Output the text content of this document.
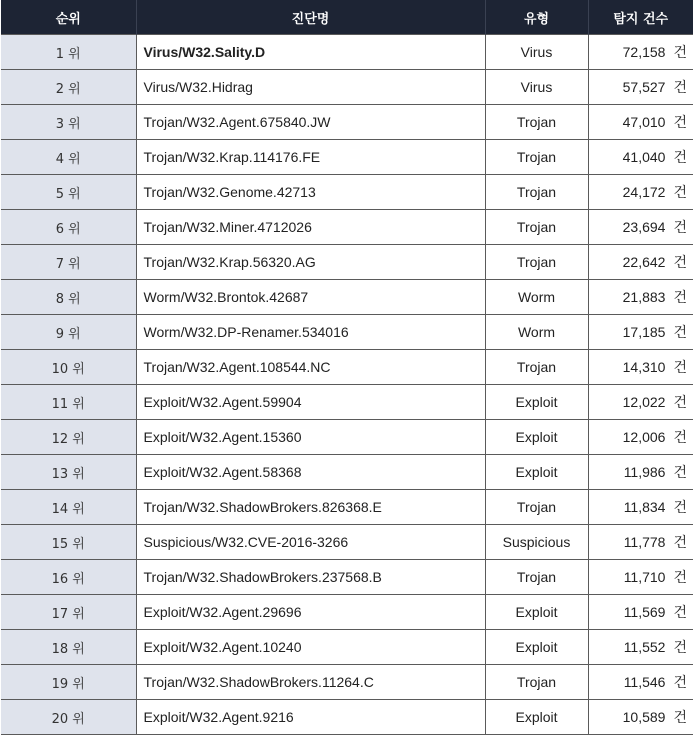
순위	진단명	유형	탐지 건수
1 위	Virus/W32.Sality.D	Virus	72,158 건
2 위	Virus/W32.Hidrag	Virus	57,527 건
3 위	Trojan/W32.Agent.675840.JW	Trojan	47,010 건
4 위	Trojan/W32.Krap.114176.FE	Trojan	41,040 건
5 위	Trojan/W32.Genome.42713	Trojan	24,172 건
6 위	Trojan/W32.Miner.4712026	Trojan	23,694 건
7 위	Trojan/W32.Krap.56320.AG	Trojan	22,642 건
8 위	Worm/W32.Brontok.42687	Worm	21,883 건
9 위	Worm/W32.DP-Renamer.534016	Worm	17,185 건
10 위	Trojan/W32.Agent.108544.NC	Trojan	14,310 건
11 위	Exploit/W32.Agent.59904	Exploit	12,022 건
12 위	Exploit/W32.Agent.15360	Exploit	12,006 건
13 위	Exploit/W32.Agent.58368	Exploit	11,986 건
14 위	Trojan/W32.ShadowBrokers.826368.E	Trojan	11,834 건
15 위	Suspicious/W32.CVE-2016-3266	Suspicious	11,778 건
16 위	Trojan/W32.ShadowBrokers.237568.B	Trojan	11,710 건
17 위	Exploit/W32.Agent.29696	Exploit	11,569 건
18 위	Exploit/W32.Agent.10240	Exploit	11,552 건
19 위	Trojan/W32.ShadowBrokers.11264.C	Trojan	11,546 건
20 위	Exploit/W32.Agent.9216	Exploit	10,589 건
